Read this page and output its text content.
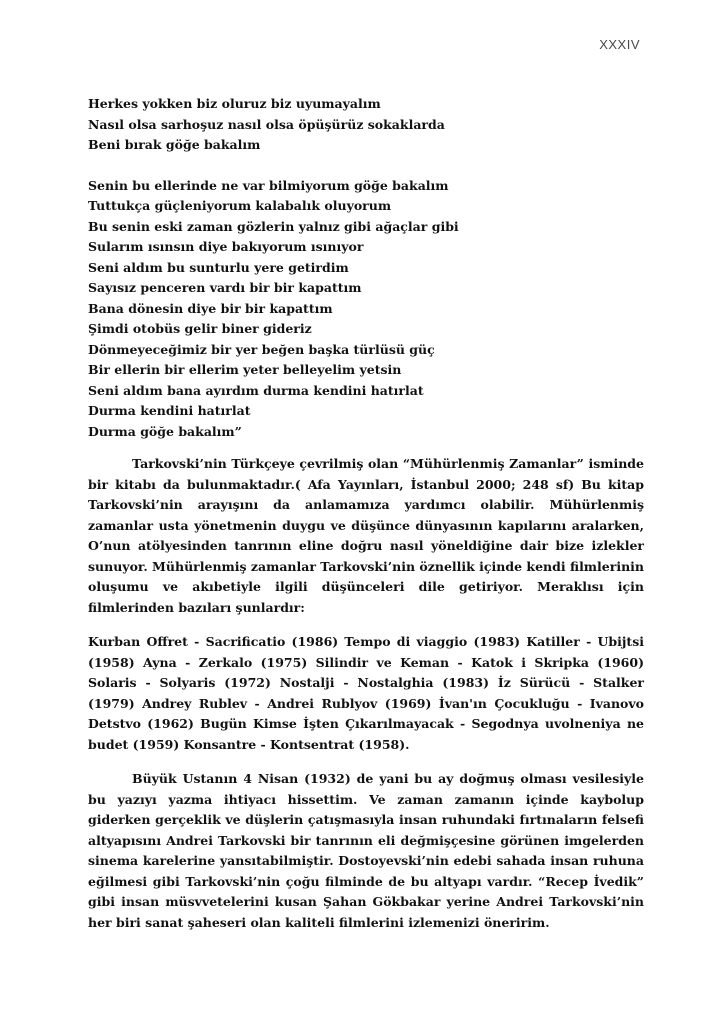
XXXIV
Herkes yokken biz oluruz biz uyumayalım
Nasıl olsa sarhoşuz nasıl olsa öpüşürüz sokaklarda
Beni bırak göğe bakalım
Senin bu ellerinde ne var bilmiyorum göğe bakalım
Tuttukça güçleniyorum kalabalık oluyorum
Bu senin eski zaman gözlerin yalnız gibi ağaçlar gibi
Sularım ısınsın diye bakıyorum ısınıyor
Seni aldım bu sunturlu yere getirdim
Sayısız penceren vardı bir bir kapattım
Bana dönesin diye bir bir kapattım
Şimdi otobüs gelir biner gideriz
Dönmeyeceğimiz bir yer beğen başka türlüsü güç
Bir ellerin bir ellerim yeter belleyelim yetsin
Seni aldım bana ayırdım durma kendini hatırlat
Durma kendini hatırlat
Durma göğe bakalım”

Tarkovski’nin Türkçeye çevrilmiş olan “Mühürlenmiş Zamanlar” isminde bir kitabı da bulunmaktadır.( Afa Yayınları, İstanbul 2000; 248 sf) Bu kitap Tarkovski’nin arayışını da anlamamıza yardımcı olabilir. Mühürlenmiş zamanlar usta yönetmenin duygu ve düşünce dünyasının kapılarını aralarken, O’nun atölyesinden tanrının eline doğru nasıl yöneldiğine dair bize izlekler sunuyor. Mühürlenmiş zamanlar Tarkovski’nin öznellik içinde kendi filmlerinin oluşumu ve akıbetiyle ilgili düşünceleri dile getiriyor. Meraklısı için filmlerinden bazıları şunlardır:

Kurban Offret - Sacrificatio (1986) Tempo di viaggio (1983) Katiller - Ubijtsi (1958) Ayna - Zerkalo (1975) Silindir ve Keman - Katok i Skripka (1960) Solaris - Solyaris (1972) Nostalji - Nostalghia (1983) İz Sürücü - Stalker (1979) Andrey Rublev - Andrei Rublyov (1969) İvan'ın Çocukluğu - Ivanovo Detstvo (1962) Bugün Kimse İşten Çıkarılmayacak - Segodnya uvolneniya ne budet (1959) Konsantre - Kontsentrat (1958).

Büyük Ustanın 4 Nisan (1932) de yani bu ay doğmuş olması vesilesiyle bu yazıyı yazma ihtiyacı hissettim. Ve zaman zamanın içinde kaybolup giderken gerçeklik ve düşlerin çatışmasıyla insan ruhundaki fırtınaların felsefi altyapısını Andrei Tarkovski bir tanrının eli değmişçesine görünen imgelerden sinema karelerine yansıtabilmiştir. Dostoyevski’nin edebi sahada insan ruhuna eğilmesi gibi Tarkovski’nin çoğu filminde de bu altyapı vardır. “Recep İvedik” gibi insan müsvvetelerini kusan Şahan Gökbakar yerine Andrei Tarkovski’nin her biri sanat şaheseri olan kaliteli filmlerini izlemenizi öneririm.
